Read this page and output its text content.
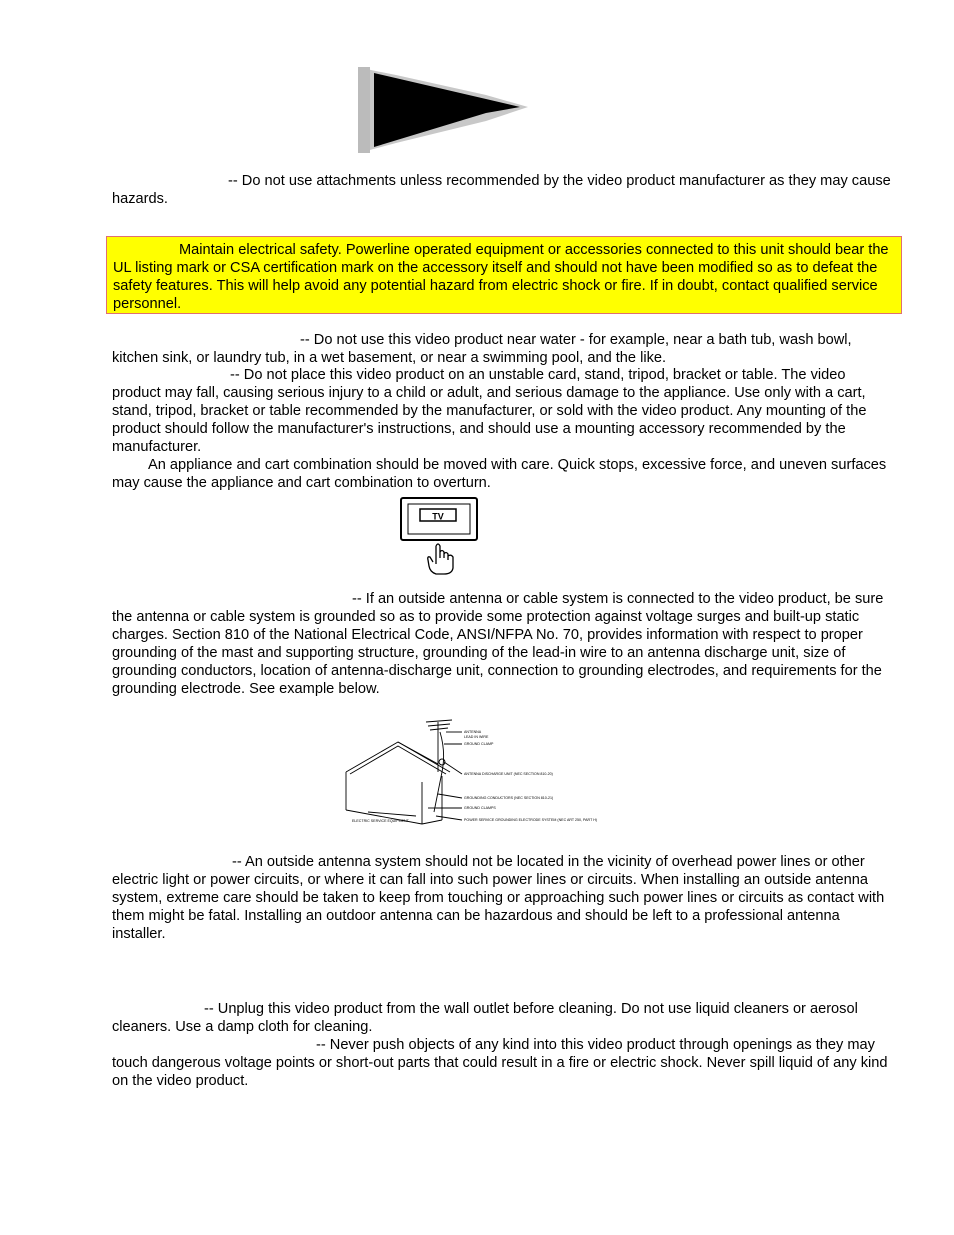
-- Do not use attachments unless recommended by the video product manufacturer as they may cause hazards.
Maintain electrical safety. Powerline operated equipment or accessories connected to this unit should bear the UL listing mark or CSA certification mark on the accessory itself and should not have been modified so as to defeat the safety features. This will help avoid any potential hazard from electric shock or fire. If in doubt, contact qualified service personnel.
-- Do not use this video product near water - for example, near a bath tub, wash bowl, kitchen sink, or laundry tub, in a wet basement, or near a swimming pool, and the like.
-- Do not place this video product on an unstable card, stand, tripod, bracket or table. The video product may fall, causing serious injury to a child or adult, and serious damage to the appliance. Use only with a cart, stand, tripod, bracket or table recommended by the manufacturer, or sold with the video product. Any mounting of the product should follow the manufacturer's instructions, and should use a mounting accessory recommended by the manufacturer.
An appliance and cart combination should be moved with care. Quick stops, excessive force, and uneven surfaces may cause the appliance and cart combination to overturn.
TV
-- If an outside antenna or cable system is connected to the video product, be sure the antenna or cable system is grounded so as to provide some protection against voltage surges and built-up static charges. Section 810 of the National Electrical Code, ANSI/NFPA No. 70, provides information with respect to proper grounding of the mast and supporting structure, grounding of the lead-in wire to an antenna discharge unit, size of grounding conductors, location of antenna-discharge unit, connection to grounding electrodes, and requirements for the grounding electrode. See example below.
ANTENNA
LEAD IN WIRE
GROUND CLAMP
ANTENNA DISCHARGE UNIT (NEC SECTION 810-20)
GROUNDING CONDUCTORS (NEC SECTION 810-21)
GROUND CLAMPS
POWER SERVICE GROUNDING ELECTRODE SYSTEM (NEC ART 250, PART H)
ELECTRIC SERVICE EQUIPMENT
-- An outside antenna system should not be located in the vicinity of overhead power lines or other electric light or power circuits, or where it can fall into such power lines or circuits. When installing an outside antenna system, extreme care should be taken to keep from touching or approaching such power lines or circuits as contact with them might be fatal. Installing an outdoor antenna can be hazardous and should be left to a professional antenna installer.
-- Unplug this video product from the wall outlet before cleaning. Do not use liquid cleaners or aerosol cleaners. Use a damp cloth for cleaning.
-- Never push objects of any kind into this video product through openings as they may touch dangerous voltage points or short-out parts that could result in a fire or electric shock. Never spill liquid of any kind on the video product.
